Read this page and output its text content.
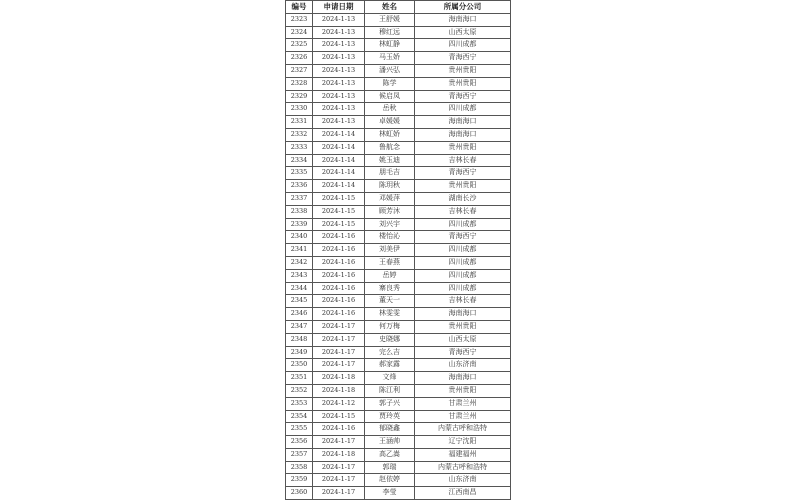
编号	申请日期	姓名	所属分公司
2323	2024-1-13	王舒媛	海南海口
2324	2024-1-13	穆红远	山西太原
2325	2024-1-13	林虹静	四川成都
2326	2024-1-13	马玉娇	青海西宁
2327	2024-1-13	潘兴弘	贵州贵阳
2328	2024-1-13	陈学	贵州贵阳
2329	2024-1-13	候启凤	青海西宁
2330	2024-1-13	岳秋	四川成都
2331	2024-1-13	卓媛媛	海南海口
2332	2024-1-14	林虹娇	海南海口
2333	2024-1-14	鲁航念	贵州贵阳
2334	2024-1-14	姚玉迪	吉林长春
2335	2024-1-14	朋毛吉	青海西宁
2336	2024-1-14	陈玥秋	贵州贵阳
2337	2024-1-15	邓媛萍	湖南长沙
2338	2024-1-15	顾芳沐	吉林长春
2339	2024-1-15	刘兴宇	四川成都
2340	2024-1-16	楼怡沁	青海西宁
2341	2024-1-16	刘美伊	四川成都
2342	2024-1-16	王春燕	四川成都
2343	2024-1-16	岳婷	四川成都
2344	2024-1-16	寨良秀	四川成都
2345	2024-1-16	董天一	吉林长春
2346	2024-1-16	林雯雯	海南海口
2347	2024-1-17	何万梅	贵州贵阳
2348	2024-1-17	史晓娜	山西太原
2349	2024-1-17	完么吉	青海西宁
2350	2024-1-17	郝家露	山东济南
2351	2024-1-18	文烽	海南海口
2352	2024-1-18	陈江利	贵州贵阳
2353	2024-1-12	郭子兴	甘肃兰州
2354	2024-1-15	贾玲英	甘肃兰州
2355	2024-1-16	郁晓鑫	内蒙古呼和浩特
2356	2024-1-17	王涵帅	辽宁沈阳
2357	2024-1-18	高乙嵩	福建福州
2358	2024-1-17	郭瑞	内蒙古呼和浩特
2359	2024-1-17	赵依婷	山东济南
2360	2024-1-17	李莹	江西南昌
